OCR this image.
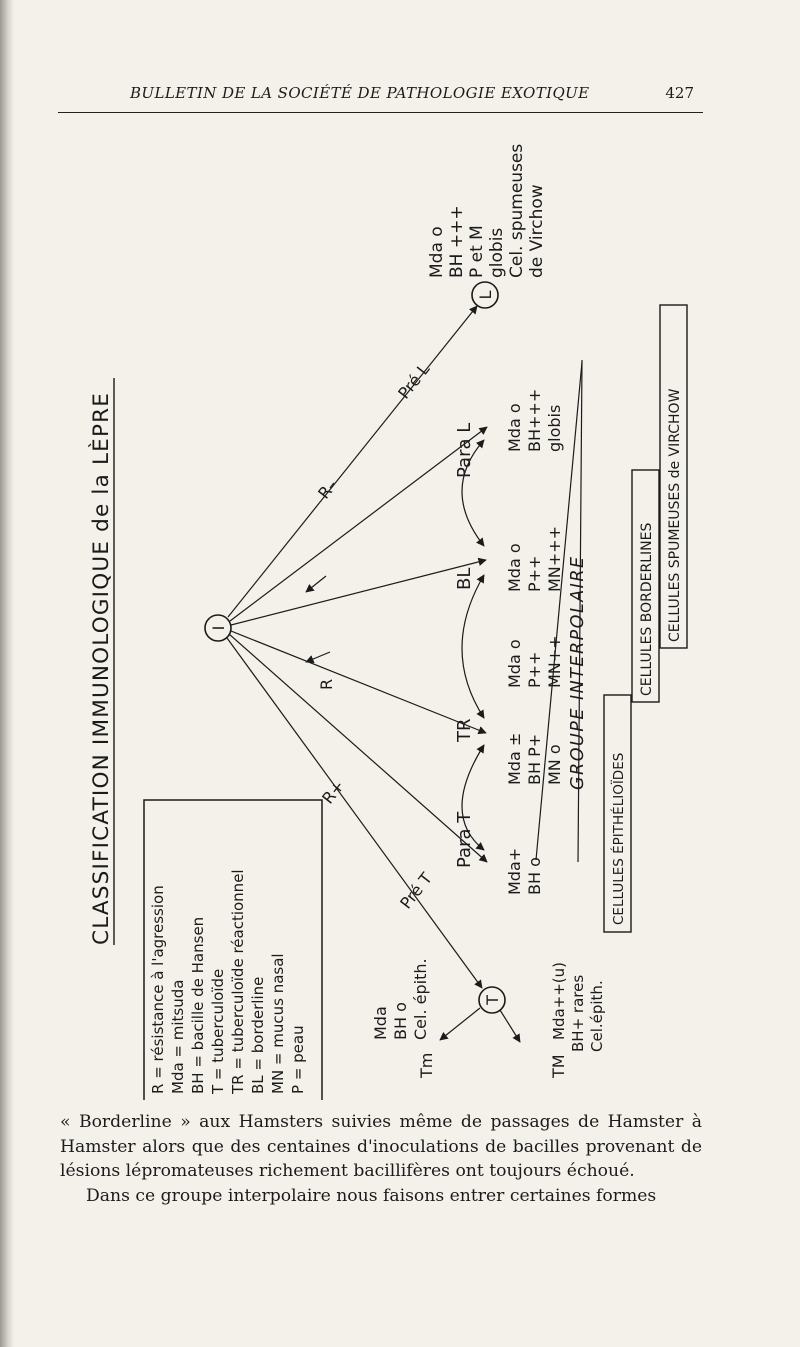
BULLETIN DE LA SOCIÉTÉ DE PATHOLOGIE EXOTIQUE	427
CLASSIFICATION IMMUNOLOGIQUE de la LÈPRE
R = résistance à l'agression Mda = mitsuda BH = bacille de Hansen T = tuberculoïde TR = tuberculoïde réactionnel BL = borderline MN = mucus nasal P = peau
I
T
L
R+
Pré T
R
R–
Pré L
Para T
TR
BL
Para L
Mda o BH +++ P et M globis Cel. spumeuses de Virchow
Mda BH o Cel. épith.
Tm	TM
Mda++(u) BH+ rares Cel.épith.
Mda+ BH o
Mda ± BH P+ MN o
Mda o P++ MN++
Mda o P++ MN+++
Mda o BH+++ globis
GROUPE INTERPOLAIRE
CELLULES ÉPITHÉLIOÏDES
CELLULES BORDERLINES CELLULES SPUMEUSES de VIRCHOW

« Borderline » aux Hamsters suivies même de passages de Hamster à Hamster alors que des centaines d'inoculations de bacilles provenant de lésions lépromateuses richement bacillifères ont toujours échoué.

Dans ce groupe interpolaire nous faisons entrer certaines formes
